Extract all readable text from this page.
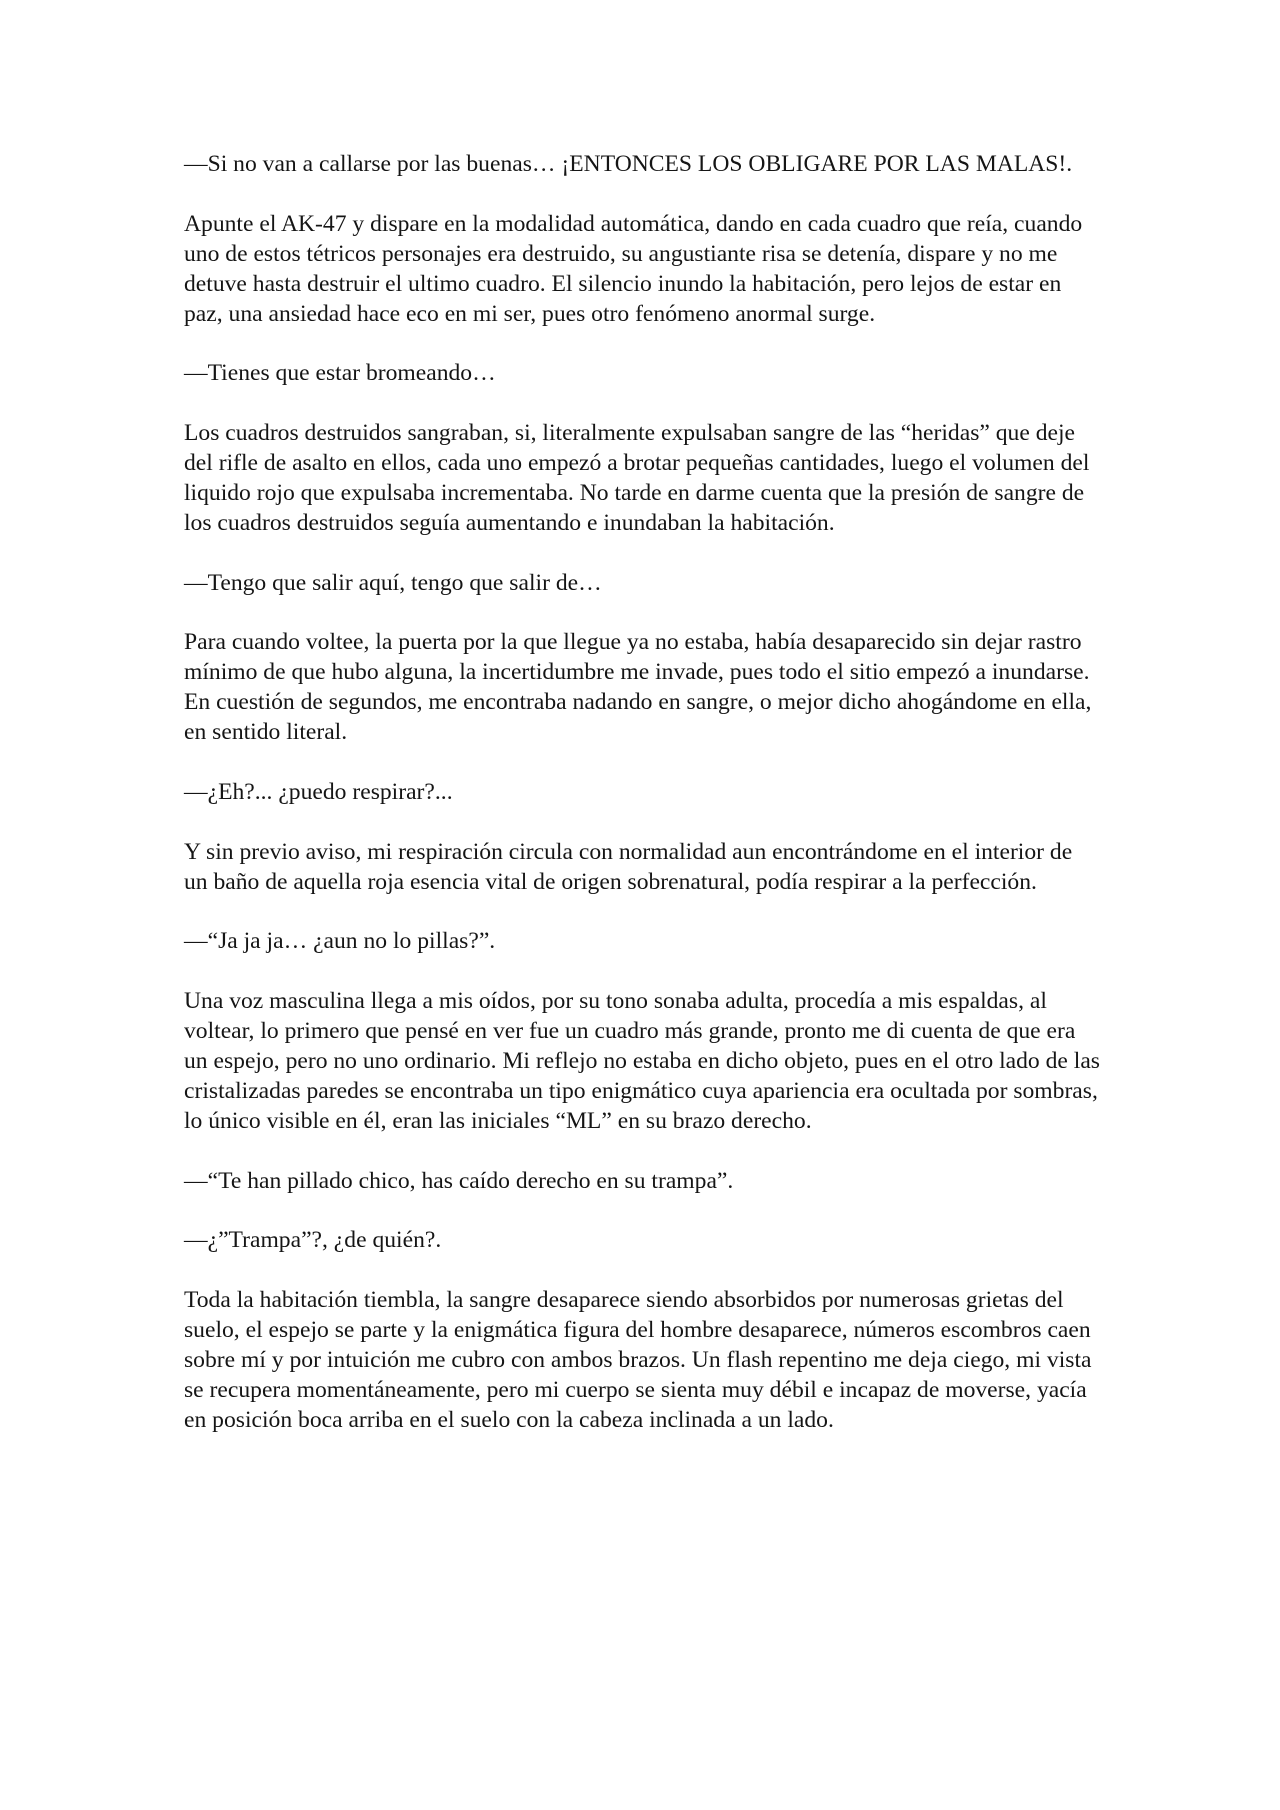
—Si no van a callarse por las buenas… ¡ENTONCES LOS OBLIGARE POR LAS MALAS!.

Apunte el AK-47 y dispare en la modalidad automática, dando en cada cuadro que reía, cuando uno de estos tétricos personajes era destruido, su angustiante risa se detenía, dispare y no me detuve hasta destruir el ultimo cuadro. El silencio inundo la habitación, pero lejos de estar en paz, una ansiedad hace eco en mi ser, pues otro fenómeno anormal surge.

—Tienes que estar bromeando…

Los cuadros destruidos sangraban, si, literalmente expulsaban sangre de las “heridas” que deje del rifle de asalto en ellos, cada uno empezó a brotar pequeñas cantidades, luego el volumen del liquido rojo que expulsaba incrementaba. No tarde en darme cuenta que la presión de sangre de los cuadros destruidos seguía aumentando e inundaban la habitación.

—Tengo que salir aquí, tengo que salir de…

Para cuando voltee, la puerta por la que llegue ya no estaba, había desaparecido sin dejar rastro mínimo de que hubo alguna, la incertidumbre me invade, pues todo el sitio empezó a inundarse. En cuestión de segundos, me encontraba nadando en sangre, o mejor dicho ahogándome en ella, en sentido literal.

—¿Eh?... ¿puedo respirar?...

Y sin previo aviso, mi respiración circula con normalidad aun encontrándome en el interior de un baño de aquella roja esencia vital de origen sobrenatural, podía respirar a la perfección.

—“Ja ja ja… ¿aun no lo pillas?”.

Una voz masculina llega a mis oídos, por su tono sonaba adulta, procedía a mis espaldas, al voltear, lo primero que pensé en ver fue un cuadro más grande, pronto me di cuenta de que era un espejo, pero no uno ordinario. Mi reflejo no estaba en dicho objeto, pues en el otro lado de las cristalizadas paredes se encontraba un tipo enigmático cuya apariencia era ocultada por sombras, lo único visible en él, eran las iniciales “ML” en su brazo derecho.

—“Te han pillado chico, has caído derecho en su trampa”.

—¿”Trampa”?, ¿de quién?.

Toda la habitación tiembla, la sangre desaparece siendo absorbidos por numerosas grietas del suelo, el espejo se parte y la enigmática figura del hombre desaparece, números escombros caen sobre mí y por intuición me cubro con ambos brazos. Un flash repentino me deja ciego, mi vista se recupera momentáneamente, pero mi cuerpo se sienta muy débil e incapaz de moverse, yacía en posición boca arriba en el suelo con la cabeza inclinada a un lado.
